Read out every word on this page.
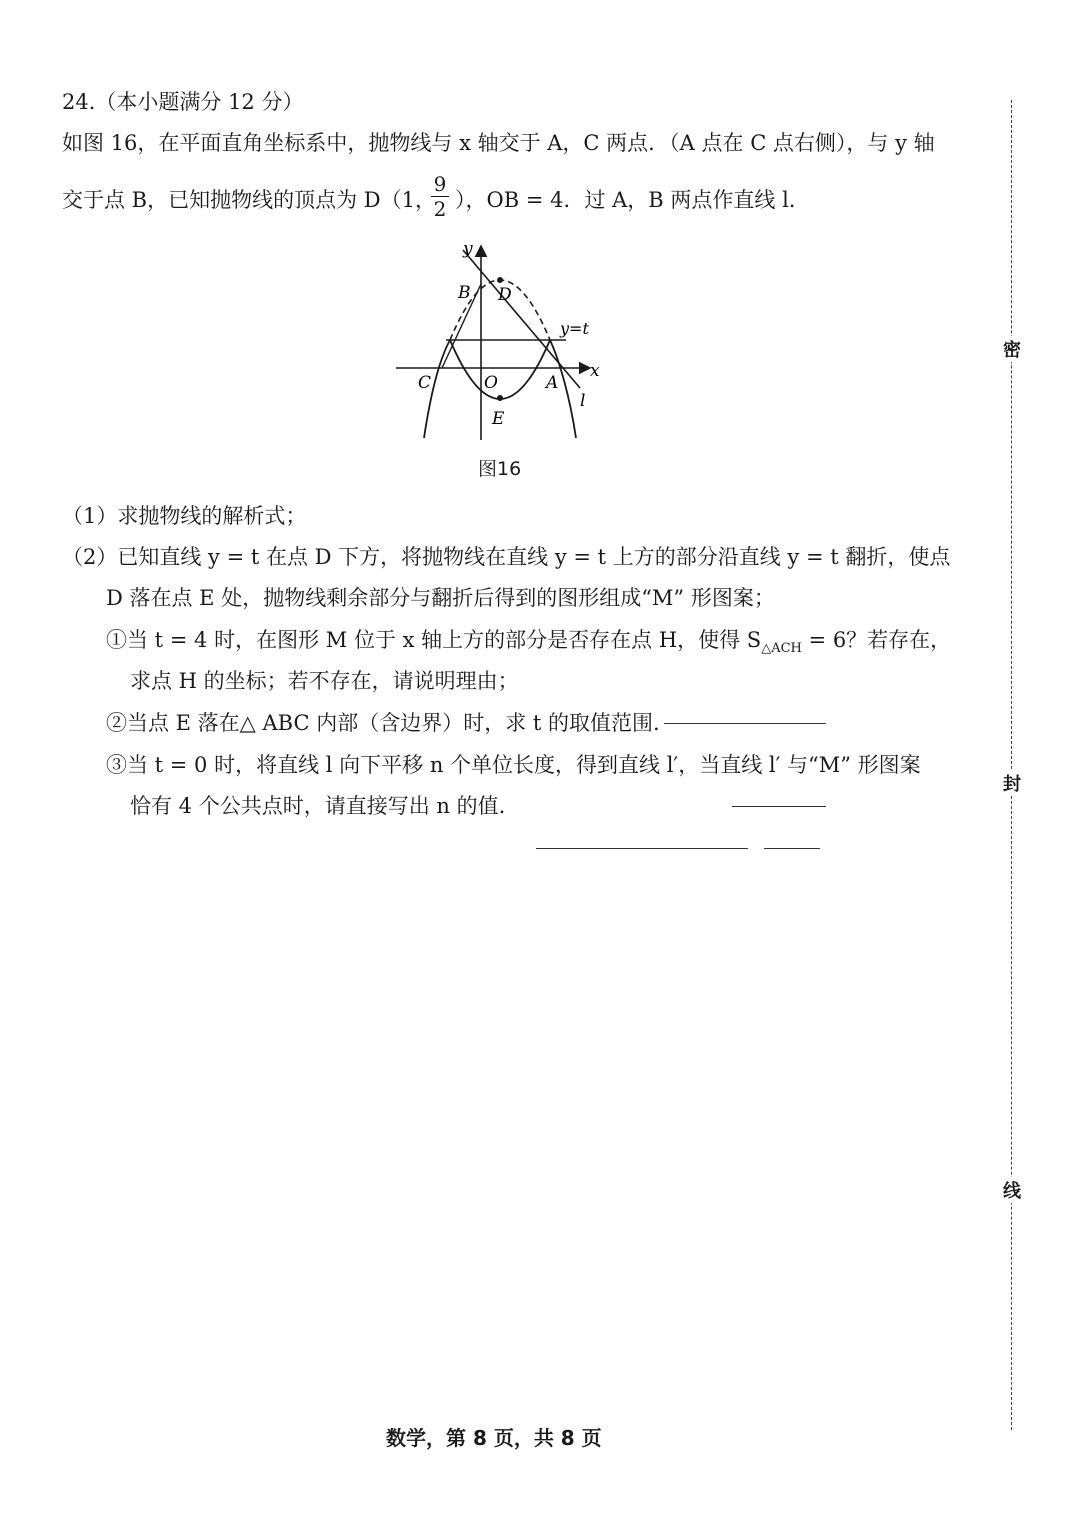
24.（本小题满分 12 分）
如图 16，在平面直角坐标系中，抛物线与 x 轴交于 A，C 两点．（A 点在 C 点右侧），与 y 轴
交于点 B，已知抛物线的顶点为 D（1，
9
2 ），OB = 4．过 A，B 两点作直线 l.
y
x
B D
y=t
C	O	A
l
E
图16
（1）求抛物线的解析式；
（2）已知直线 y = t 在点 D 下方，将抛物线在直线 y = t 上方的部分沿直线 y = t 翻折，使点
D 落在点 E 处，抛物线剩余部分与翻折后得到的图形组成“M” 形图案；
①当 t = 4 时，在图形 M 位于 x 轴上方的部分是否存在点 H，使得 $S_{\triangle ACH} = 6$？若存在，
求点 H 的坐标；若不存在，请说明理由；
②当点 E 落在△ ABC 内部（含边界）时，求 t 的取值范围.
③当 t = 0 时，将直线 l 向下平移 n 个单位长度，得到直线 l′，当直线 l′ 与“M” 形图案
恰有 4 个公共点时，请直接写出 n 的值.
密
封
线
数学，第 8 页，共 8 页
